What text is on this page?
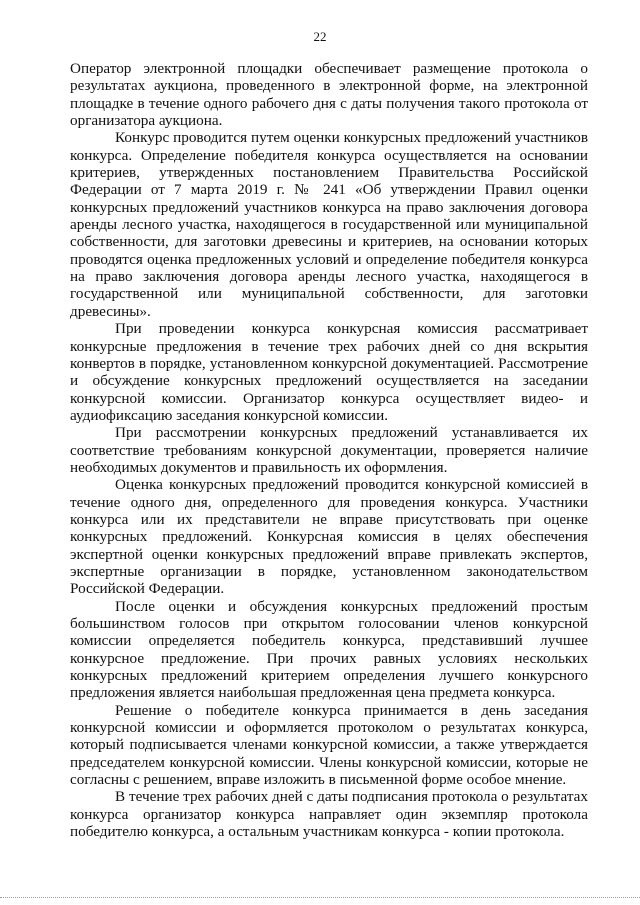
22

Оператор электронной площадки обеспечивает размещение протокола о результатах аукциона, проведенного в электронной форме, на электронной площадке в течение одного рабочего дня с даты получения такого протокола от организатора аукциона.

Конкурс проводится путем оценки конкурсных предложений участников конкурса. Определение победителя конкурса осуществляется на основании критериев, утвержденных постановлением Правительства Российской Федерации от 7 марта 2019 г. № 241 «Об утверждении Правил оценки конкурсных предложений участников конкурса на право заключения договора аренды лесного участка, находящегося в государственной или муниципальной собственности, для заготовки древесины и критериев, на основании которых проводятся оценка предложенных условий и определение победителя конкурса на право заключения договора аренды лесного участка, находящегося в государственной или муниципальной собственности, для заготовки древесины».

При проведении конкурса конкурсная комиссия рассматривает конкурсные предложения в течение трех рабочих дней со дня вскрытия конвертов в порядке, установленном конкурсной документацией. Рассмотрение и обсуждение конкурсных предложений осуществляется на заседании конкурсной комиссии. Организатор конкурса осуществляет видео- и аудиофиксацию заседания конкурсной комиссии.

При рассмотрении конкурсных предложений устанавливается их соответствие требованиям конкурсной документации, проверяется наличие необходимых документов и правильность их оформления.

Оценка конкурсных предложений проводится конкурсной комиссией в течение одного дня, определенного для проведения конкурса. Участники конкурса или их представители не вправе присутствовать при оценке конкурсных предложений. Конкурсная комиссия в целях обеспечения экспертной оценки конкурсных предложений вправе привлекать экспертов, экспертные организации в порядке, установленном законодательством Российской Федерации.

После оценки и обсуждения конкурсных предложений простым большинством голосов при открытом голосовании членов конкурсной комиссии определяется победитель конкурса, представивший лучшее конкурсное предложение. При прочих равных условиях нескольких конкурсных предложений критерием определения лучшего конкурсного предложения является наибольшая предложенная цена предмета конкурса.

Решение о победителе конкурса принимается в день заседания конкурсной комиссии и оформляется протоколом о результатах конкурса, который подписывается членами конкурсной комиссии, а также утверждается председателем конкурсной комиссии. Члены конкурсной комиссии, которые не согласны с решением, вправе изложить в письменной форме особое мнение.

В течение трех рабочих дней с даты подписания протокола о результатах конкурса организатор конкурса направляет один экземпляр протокола победителю конкурса, а остальным участникам конкурса - копии протокола.
